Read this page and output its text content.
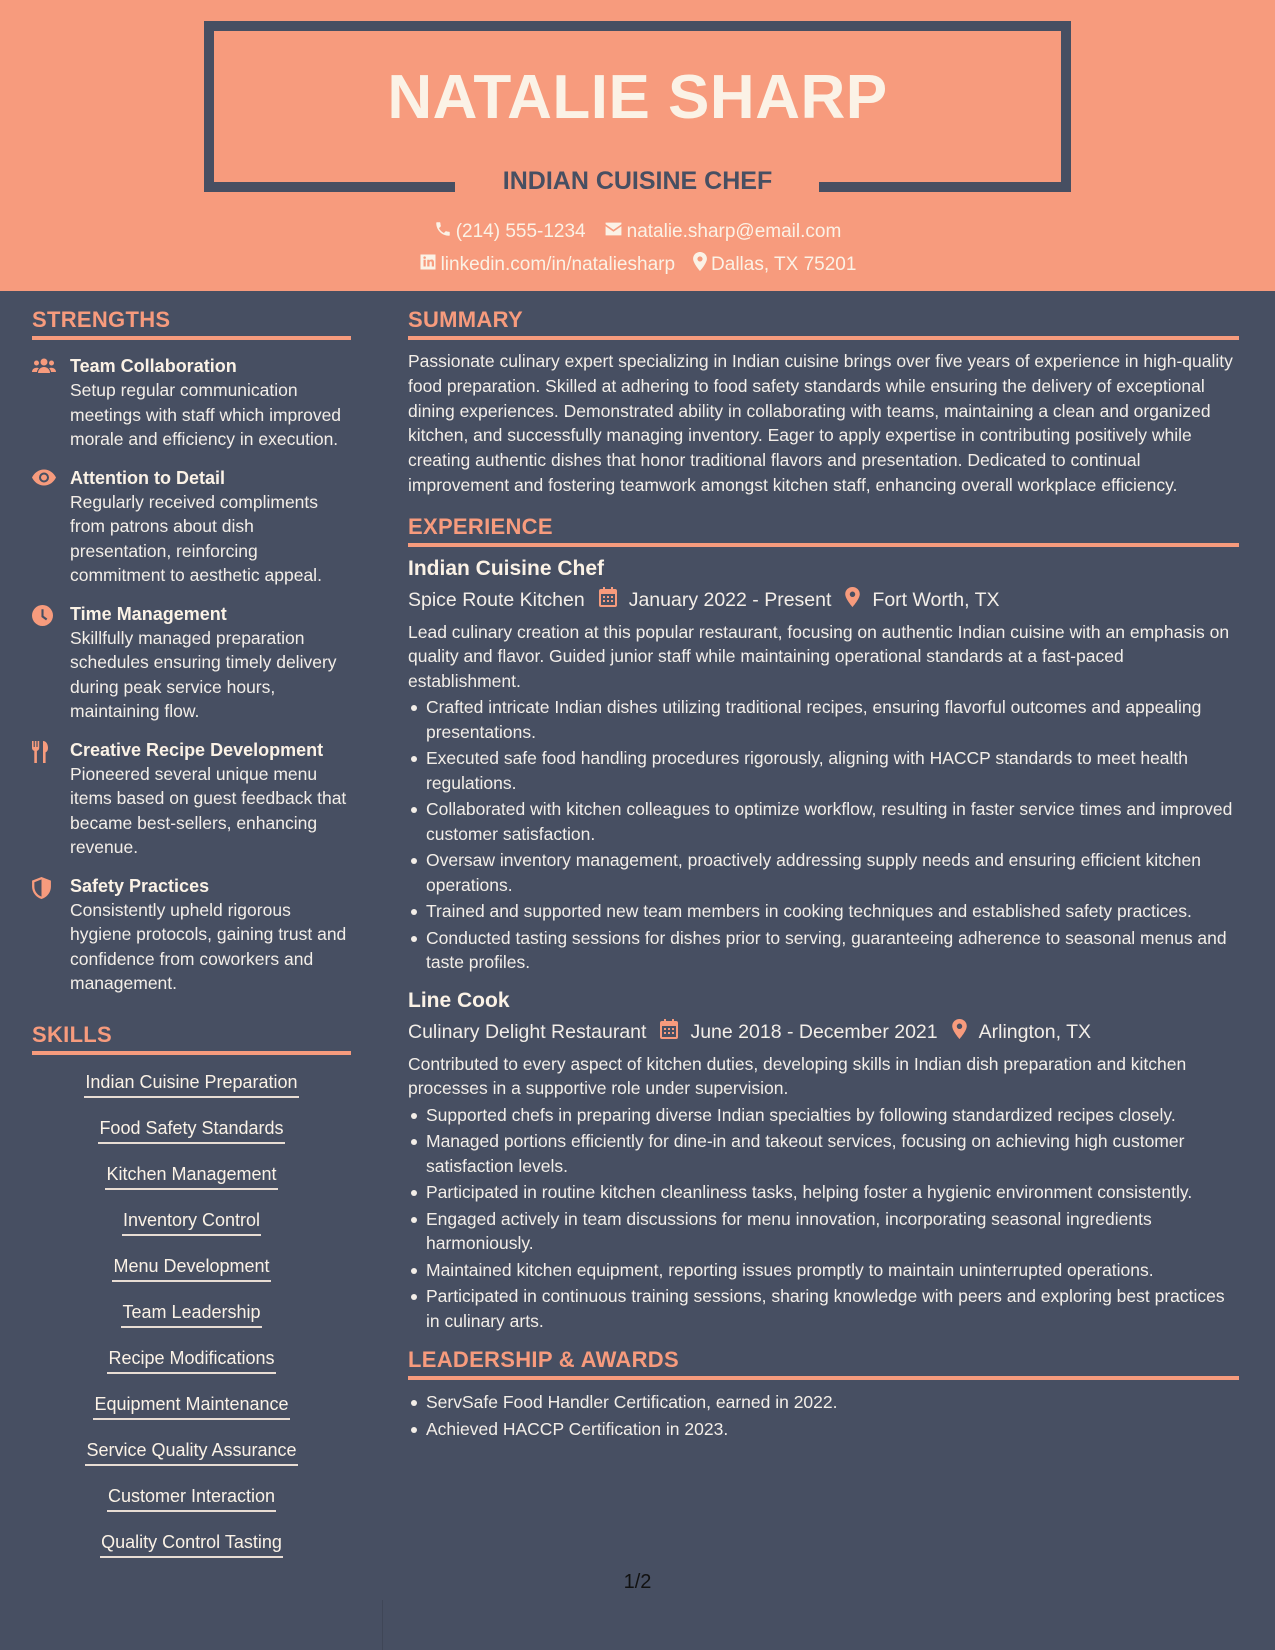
NATALIE SHARP
INDIAN CUISINE CHEF
(214) 555-1234 natalie.sharp@email.com
linkedin.com/in/nataliesharp Dallas, TX 75201
STRENGTHS
Team Collaboration
Setup regular communication meetings with staff which improved morale and efficiency in execution.
Attention to Detail
Regularly received compliments from patrons about dish presentation, reinforcing commitment to aesthetic appeal.
Time Management
Skillfully managed preparation schedules ensuring timely delivery during peak service hours, maintaining flow.
Creative Recipe Development
Pioneered several unique menu items based on guest feedback that became best-sellers, enhancing revenue.
Safety Practices
Consistently upheld rigorous hygiene protocols, gaining trust and confidence from coworkers and management.
SKILLS
Indian Cuisine Preparation
Food Safety Standards
Kitchen Management
Inventory Control
Menu Development
Team Leadership
Recipe Modifications
Equipment Maintenance
Service Quality Assurance
Customer Interaction
Quality Control Tasting
SUMMARY
Passionate culinary expert specializing in Indian cuisine brings over five years of experience in high-quality food preparation. Skilled at adhering to food safety standards while ensuring the delivery of exceptional dining experiences. Demonstrated ability in collaborating with teams, maintaining a clean and organized kitchen, and successfully managing inventory. Eager to apply expertise in contributing positively while creating authentic dishes that honor traditional flavors and presentation. Dedicated to continual improvement and fostering teamwork amongst kitchen staff, enhancing overall workplace efficiency.
EXPERIENCE
Indian Cuisine Chef
Spice Route Kitchen January 2022 - Present Fort Worth, TX
Lead culinary creation at this popular restaurant, focusing on authentic Indian cuisine with an emphasis on quality and flavor. Guided junior staff while maintaining operational standards at a fast-paced establishment.
Crafted intricate Indian dishes utilizing traditional recipes, ensuring flavorful outcomes and appealing presentations.
Executed safe food handling procedures rigorously, aligning with HACCP standards to meet health regulations.
Collaborated with kitchen colleagues to optimize workflow, resulting in faster service times and improved customer satisfaction.
Oversaw inventory management, proactively addressing supply needs and ensuring efficient kitchen operations.
Trained and supported new team members in cooking techniques and established safety practices.
Conducted tasting sessions for dishes prior to serving, guaranteeing adherence to seasonal menus and taste profiles.
Line Cook
Culinary Delight Restaurant June 2018 - December 2021 Arlington, TX
Contributed to every aspect of kitchen duties, developing skills in Indian dish preparation and kitchen processes in a supportive role under supervision.
Supported chefs in preparing diverse Indian specialties by following standardized recipes closely.
Managed portions efficiently for dine-in and takeout services, focusing on achieving high customer satisfaction levels.
Participated in routine kitchen cleanliness tasks, helping foster a hygienic environment consistently.
Engaged actively in team discussions for menu innovation, incorporating seasonal ingredients harmoniously.
Maintained kitchen equipment, reporting issues promptly to maintain uninterrupted operations.
Participated in continuous training sessions, sharing knowledge with peers and exploring best practices in culinary arts.
LEADERSHIP & AWARDS
ServSafe Food Handler Certification, earned in 2022.
Achieved HACCP Certification in 2023.
1/2
